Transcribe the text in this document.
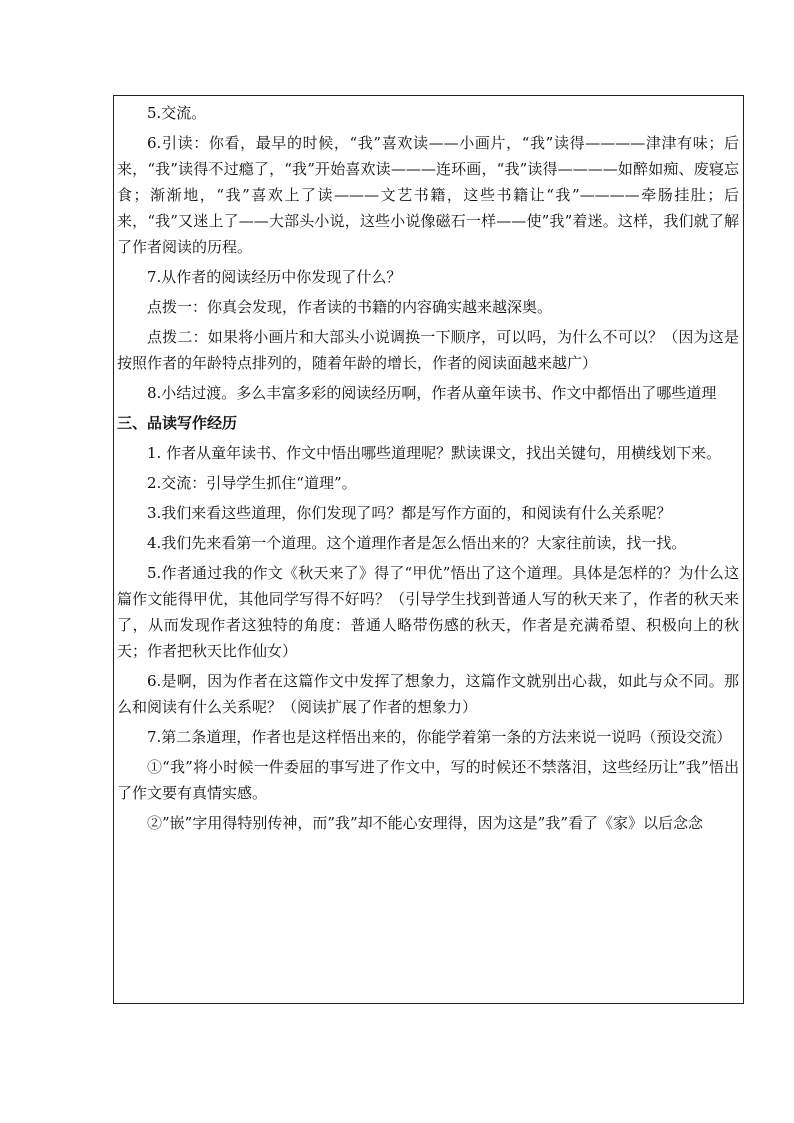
5.交流。

6.引读：你看，最早的时候，“我”喜欢读——小画片，“我”读得————津津有味；后来，“我”读得不过瘾了，“我”开始喜欢读———连环画，“我”读得————如醉如痴、废寝忘食；渐渐地，“我”喜欢上了读———文艺书籍，这些书籍让“我”————牵肠挂肚；后来，“我”又迷上了——大部头小说，这些小说像磁石一样——使”我”着迷。这样，我们就了解了作者阅读的历程。

7.从作者的阅读经历中你发现了什么？

点拨一：你真会发现，作者读的书籍的内容确实越来越深奥。

点拨二：如果将小画片和大部头小说调换一下顺序，可以吗，为什么不可以？（因为这是按照作者的年龄特点排列的，随着年龄的增长，作者的阅读面越来越广）

8.小结过渡。多么丰富多彩的阅读经历啊，作者从童年读书、作文中都悟出了哪些道理

三、品读写作经历

1. 作者从童年读书、作文中悟出哪些道理呢？默读课文，找出关键句，用横线划下来。

2.交流：引导学生抓住“道理”。

3.我们来看这些道理，你们发现了吗？都是写作方面的，和阅读有什么关系呢？

4.我们先来看第一个道理。这个道理作者是怎么悟出来的？大家往前读，找一找。

5.作者通过我的作文《秋天来了》得了“甲优”悟出了这个道理。具体是怎样的？为什么这篇作文能得甲优，其他同学写得不好吗？（引导学生找到普通人写的秋天来了，作者的秋天来了，从而发现作者这独特的角度：普通人略带伤感的秋天，作者是充满希望、积极向上的秋天；作者把秋天比作仙女）

6.是啊，因为作者在这篇作文中发挥了想象力，这篇作文就别出心裁，如此与众不同。那么和阅读有什么关系呢？（阅读扩展了作者的想象力）

7.第二条道理，作者也是这样悟出来的，你能学着第一条的方法来说一说吗（预设交流）

①“我”将小时候一件委屈的事写进了作文中，写的时候还不禁落泪，这些经历让”我”悟出了作文要有真情实感。

②”嵌”字用得特别传神，而”我”却不能心安理得，因为这是”我”看了《家》以后念念
